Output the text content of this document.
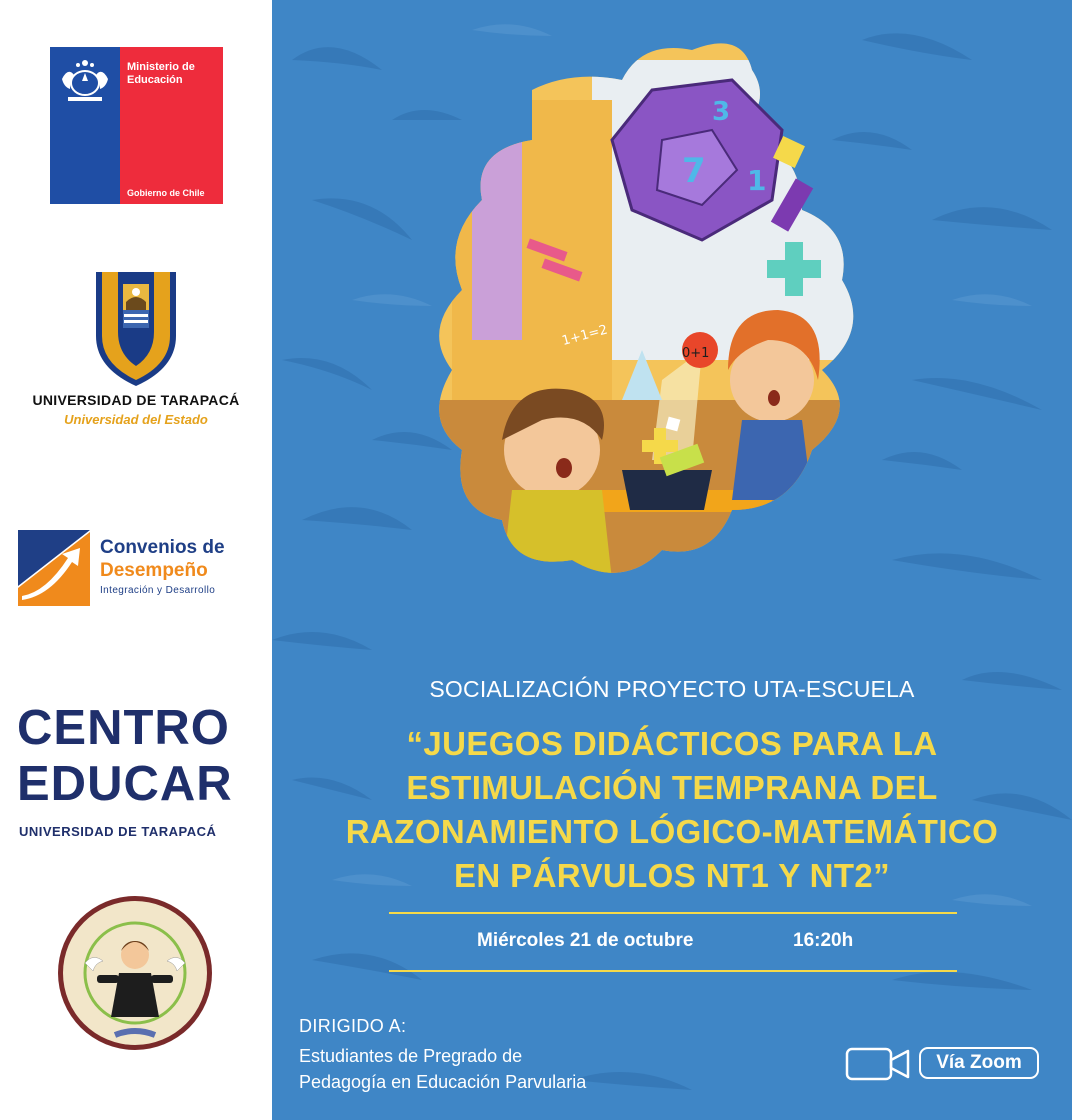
Ministerio de
Educación
Gobierno de Chile
UNIVERSIDAD DE TARAPACÁ
Universidad del Estado
Convenios de
Desempeño
Integración y Desarrollo
CENTRO
EDUCAR
UNIVERSIDAD DE TARAPACÁ
7
3
1
0+1
1+1=2
SOCIALIZACIÓN PROYECTO UTA-ESCUELA
“JUEGOS DIDÁCTICOS PARA LA
ESTIMULACIÓN TEMPRANA DEL
RAZONAMIENTO LÓGICO-MATEMÁTICO
EN PÁRVULOS NT1 Y NT2”
Miércoles 21 de octubre	16:20h
DIRIGIDO A:
Estudiantes de Pregrado de
Pedagogía en Educación Parvularia
Vía Zoom
